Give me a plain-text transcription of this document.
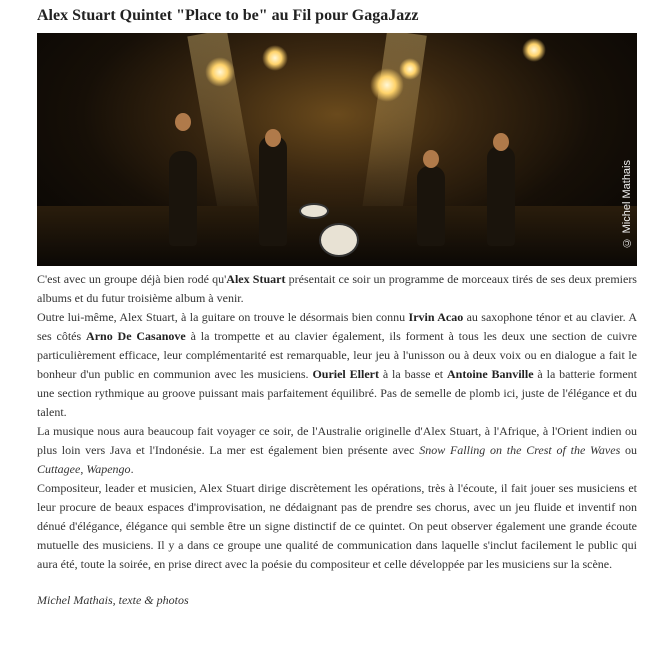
Alex Stuart Quintet "Place to be" au Fil pour GagaJazz
© Michel Mathais

C'est avec un groupe déjà bien rodé qu'Alex Stuart présentait ce soir un programme de morceaux tirés de ses deux premiers albums et du futur troisième album à venir.

Outre lui-même, Alex Stuart, à la guitare on trouve le désormais bien connu Irvin Acao au saxophone ténor et au clavier. A ses côtés Arno De Casanove à la trompette et au clavier également, ils forment à tous les deux une section de cuivre particulièrement efficace, leur complémentarité est remarquable, leur jeu à l'unisson ou à deux voix ou en dialogue a fait le bonheur d'un public en communion avec les musiciens. Ouriel Ellert à la basse et Antoine Banville à la batterie forment une section rythmique au groove puissant mais parfaitement équilibré. Pas de semelle de plomb ici, juste de l'élégance et du talent.

La musique nous aura beaucoup fait voyager ce soir, de l'Australie originelle d'Alex Stuart, à l'Afrique, à l'Orient indien ou plus loin vers Java et l'Indonésie. La mer est également bien présente avec Snow Falling on the Crest of the Waves ou Cuttagee, Wapengo.

Compositeur, leader et musicien, Alex Stuart dirige discrètement les opérations, très à l'écoute, il fait jouer ses musiciens et leur procure de beaux espaces d'improvisation, ne dédaignant pas de prendre ses chorus, avec un jeu fluide et inventif non dénué d'élégance, élégance qui semble être un signe distinctif de ce quintet. On peut observer également une grande écoute mutuelle des musiciens. Il y a dans ce groupe une qualité de communication dans laquelle s'inclut facilement le public qui aura été, toute la soirée, en prise direct avec la poésie du compositeur et celle développée par les musiciens sur la scène.

Michel Mathais, texte & photos
